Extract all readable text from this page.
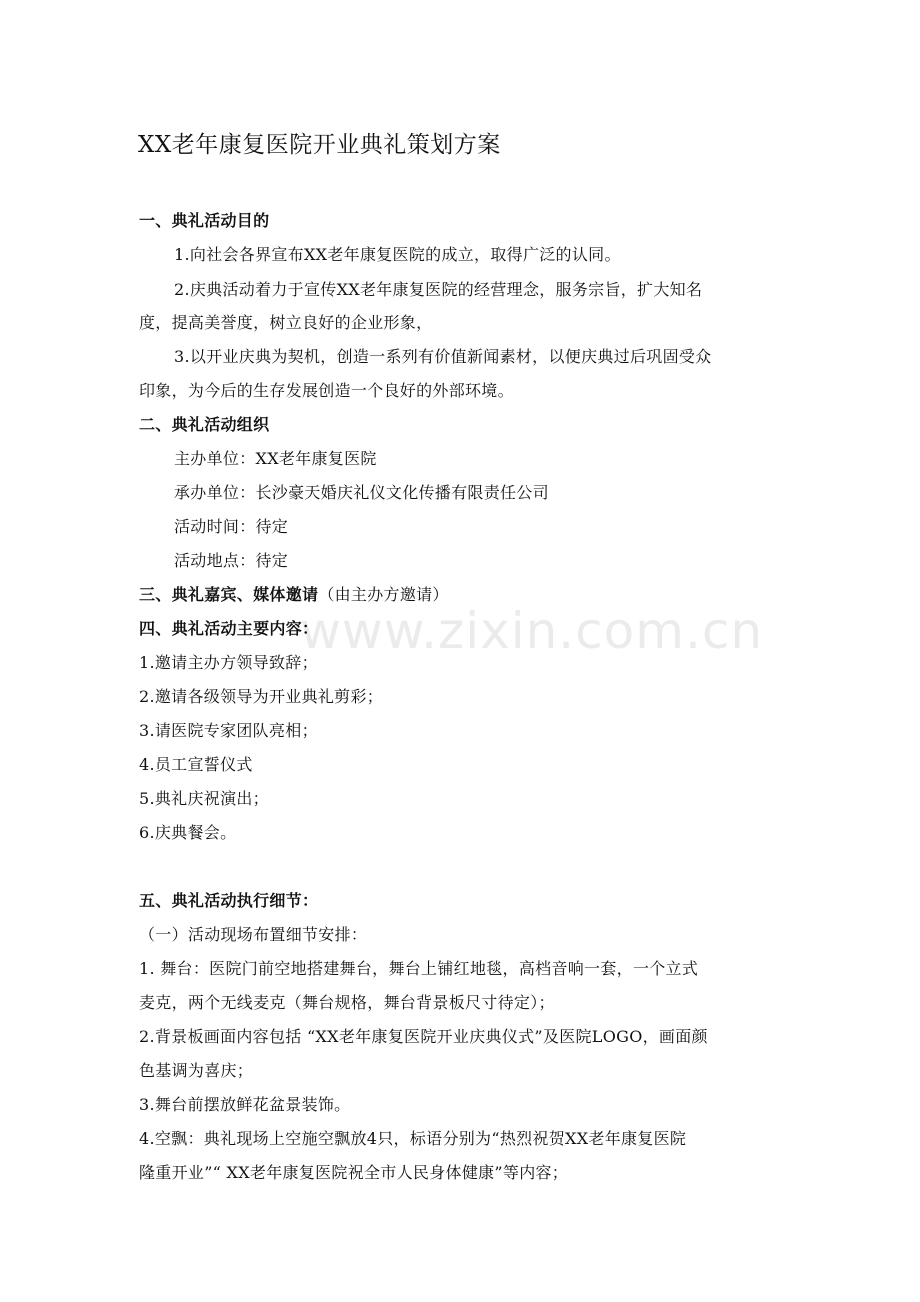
www.zixin.com.cn
XX老年康复医院开业典礼策划方案
一、典礼活动目的
1.向社会各界宣布XX老年康复医院的成立，取得广泛的认同。
2.庆典活动着力于宣传XX老年康复医院的经营理念，服务宗旨，扩大知名
度，提高美誉度，树立良好的企业形象，
3.以开业庆典为契机，创造一系列有价值新闻素材，以便庆典过后巩固受众
印象，为今后的生存发展创造一个良好的外部环境。
二、典礼活动组织
主办单位：XX老年康复医院
承办单位：长沙豪天婚庆礼仪文化传播有限责任公司
活动时间：待定
活动地点：待定
三、典礼嘉宾、媒体邀请（由主办方邀请）
四、典礼活动主要内容：
1.邀请主办方领导致辞；
2.邀请各级领导为开业典礼剪彩；
3.请医院专家团队亮相；
4.员工宣誓仪式
5.典礼庆祝演出；
6.庆典餐会。
五、典礼活动执行细节：
（一）活动现场布置细节安排：
1. 舞台：医院门前空地搭建舞台，舞台上铺红地毯，高档音响一套，一个立式
麦克，两个无线麦克（舞台规格，舞台背景板尺寸待定）；
2.背景板画面内容包括 “XX老年康复医院开业庆典仪式”及医院LOGO，画面颜
色基调为喜庆；
3.舞台前摆放鲜花盆景装饰。
4.空飘：典礼现场上空施空飘放4只，标语分别为“热烈祝贺XX老年康复医院
隆重开业”“ XX老年康复医院祝全市人民身体健康”等内容；
